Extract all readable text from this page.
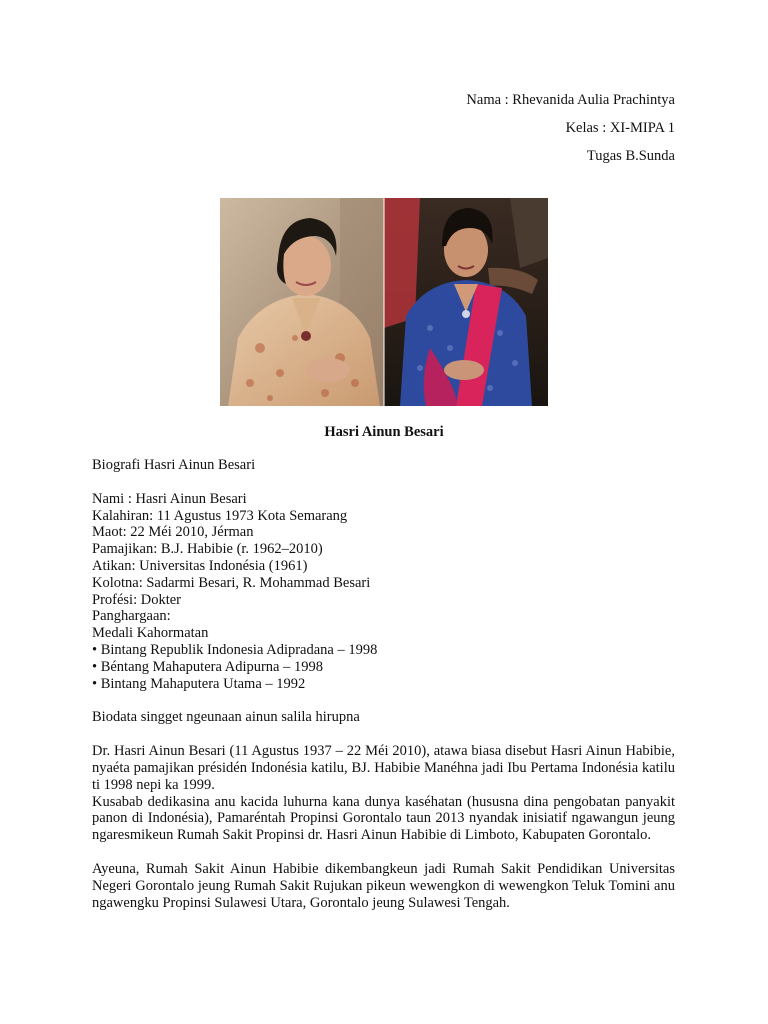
Nama : Rhevanida Aulia Prachintya
Kelas : XI-MIPA 1
Tugas B.Sunda
Hasri Ainun Besari

Biografi Hasri Ainun Besari

Nami : Hasri Ainun Besari

Kalahiran: 11 Agustus 1973 Kota Semarang

Maot: 22 Méi 2010, Jérman

Pamajikan: B.J. Habibie (r. 1962–2010)

Atikan: Universitas Indonésia (1961)

Kolotna: Sadarmi Besari, R. Mohammad Besari

Profési: Dokter

Panghargaan:

Medali Kahormatan

• Bintang Republik Indonesia Adipradana – 1998

• Béntang Mahaputera Adipurna – 1998

• Bintang Mahaputera Utama – 1992

Biodata singget ngeunaan ainun salila hirupna

Dr. Hasri Ainun Besari (11 Agustus 1937 – 22 Méi 2010), atawa biasa disebut Hasri Ainun Habibie, nyaéta pamajikan présidén Indonésia katilu, BJ. Habibie Manéhna jadi Ibu Pertama Indonésia katilu ti 1998 nepi ka 1999.

Kusabab dedikasina anu kacida luhurna kana dunya kaséhatan (hususna dina pengobatan panyakit panon di Indonésia), Pamaréntah Propinsi Gorontalo taun 2013 nyandak inisiatif ngawangun jeung ngaresmikeun Rumah Sakit Propinsi dr. Hasri Ainun Habibie di Limboto, Kabupaten Gorontalo.

Ayeuna, Rumah Sakit Ainun Habibie dikembangkeun jadi Rumah Sakit Pendidikan Universitas Negeri Gorontalo jeung Rumah Sakit Rujukan pikeun wewengkon di wewengkon Teluk Tomini anu ngawengku Propinsi Sulawesi Utara, Gorontalo jeung Sulawesi Tengah.
